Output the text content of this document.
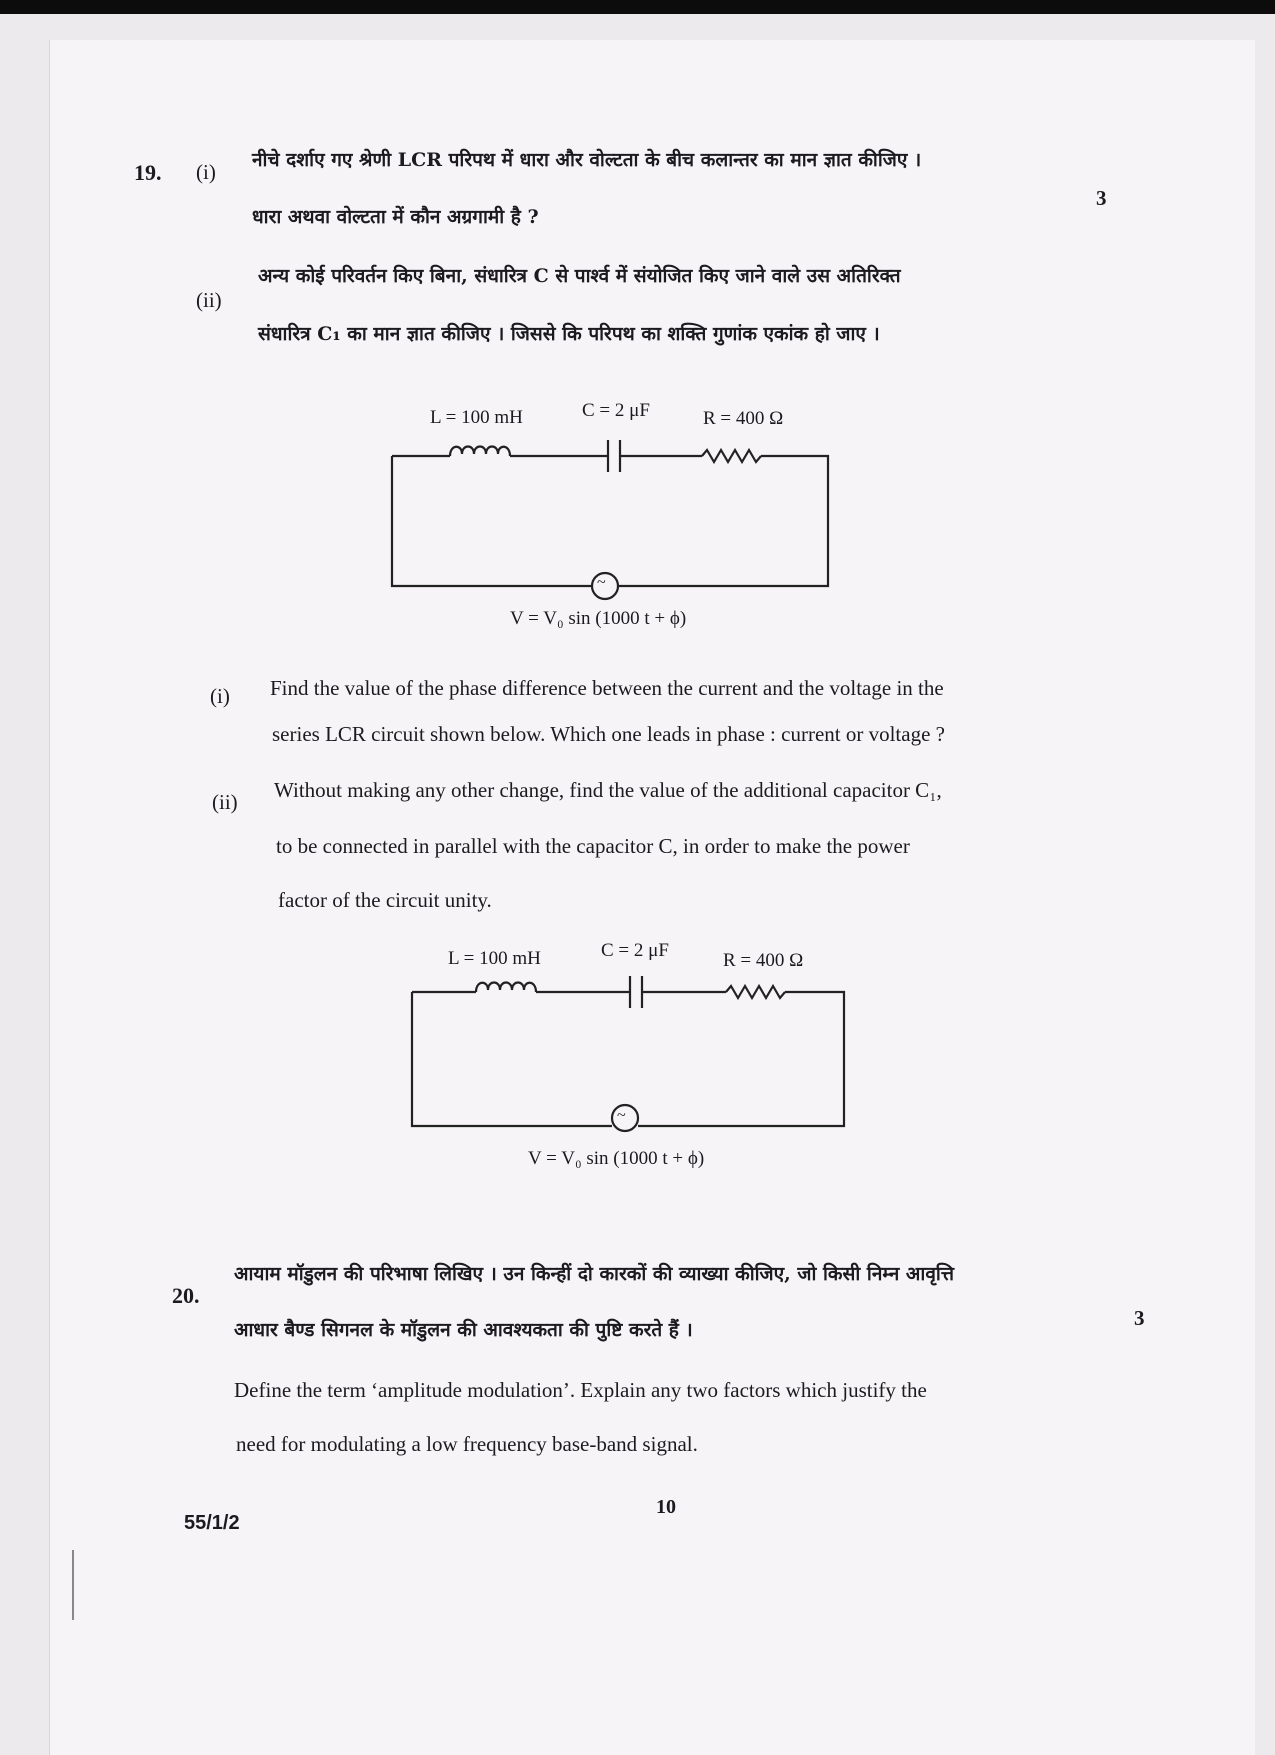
19. (i) नीचे दर्शाए गए श्रेणी LCR परिपथ में धारा और वोल्टता के बीच कलान्तर का मान ज्ञात कीजिए ।
3
धारा अथवा वोल्टता में कौन अग्रगामी है ?
(ii)
अन्य कोई परिवर्तन किए बिना, संधारित्र C से पार्श्व में संयोजित किए जाने वाले उस अतिरिक्त
संधारित्र C₁ का मान ज्ञात कीजिए । जिससे कि परिपथ का शक्ति गुणांक एकांक हो जाए ।
L = 100 mH	C = 2 μF	R = 400 Ω
~
V = V₀ sin (1000 t + ϕ)
(i) Find the value of the phase difference between the current and the voltage in the
series LCR circuit shown below. Which one leads in phase : current or voltage ?
(ii) Without making any other change, find the value of the additional capacitor C₁,
to be connected in parallel with the capacitor C, in order to make the power
factor of the circuit unity.
L = 100 mH	C = 2 μF	R = 400 Ω
~
V = V₀ sin (1000 t + ϕ)
20.
आयाम मॉडुलन की परिभाषा लिखिए । उन किन्हीं दो कारकों की व्याख्या कीजिए, जो किसी निम्न आवृत्ति
3
आधार बैण्ड सिगनल के मॉडुलन की आवश्यकता की पुष्टि करते हैं ।
Define the term ‘amplitude modulation’. Explain any two factors which justify the
need for modulating a low frequency base-band signal.
55/1/2
10
